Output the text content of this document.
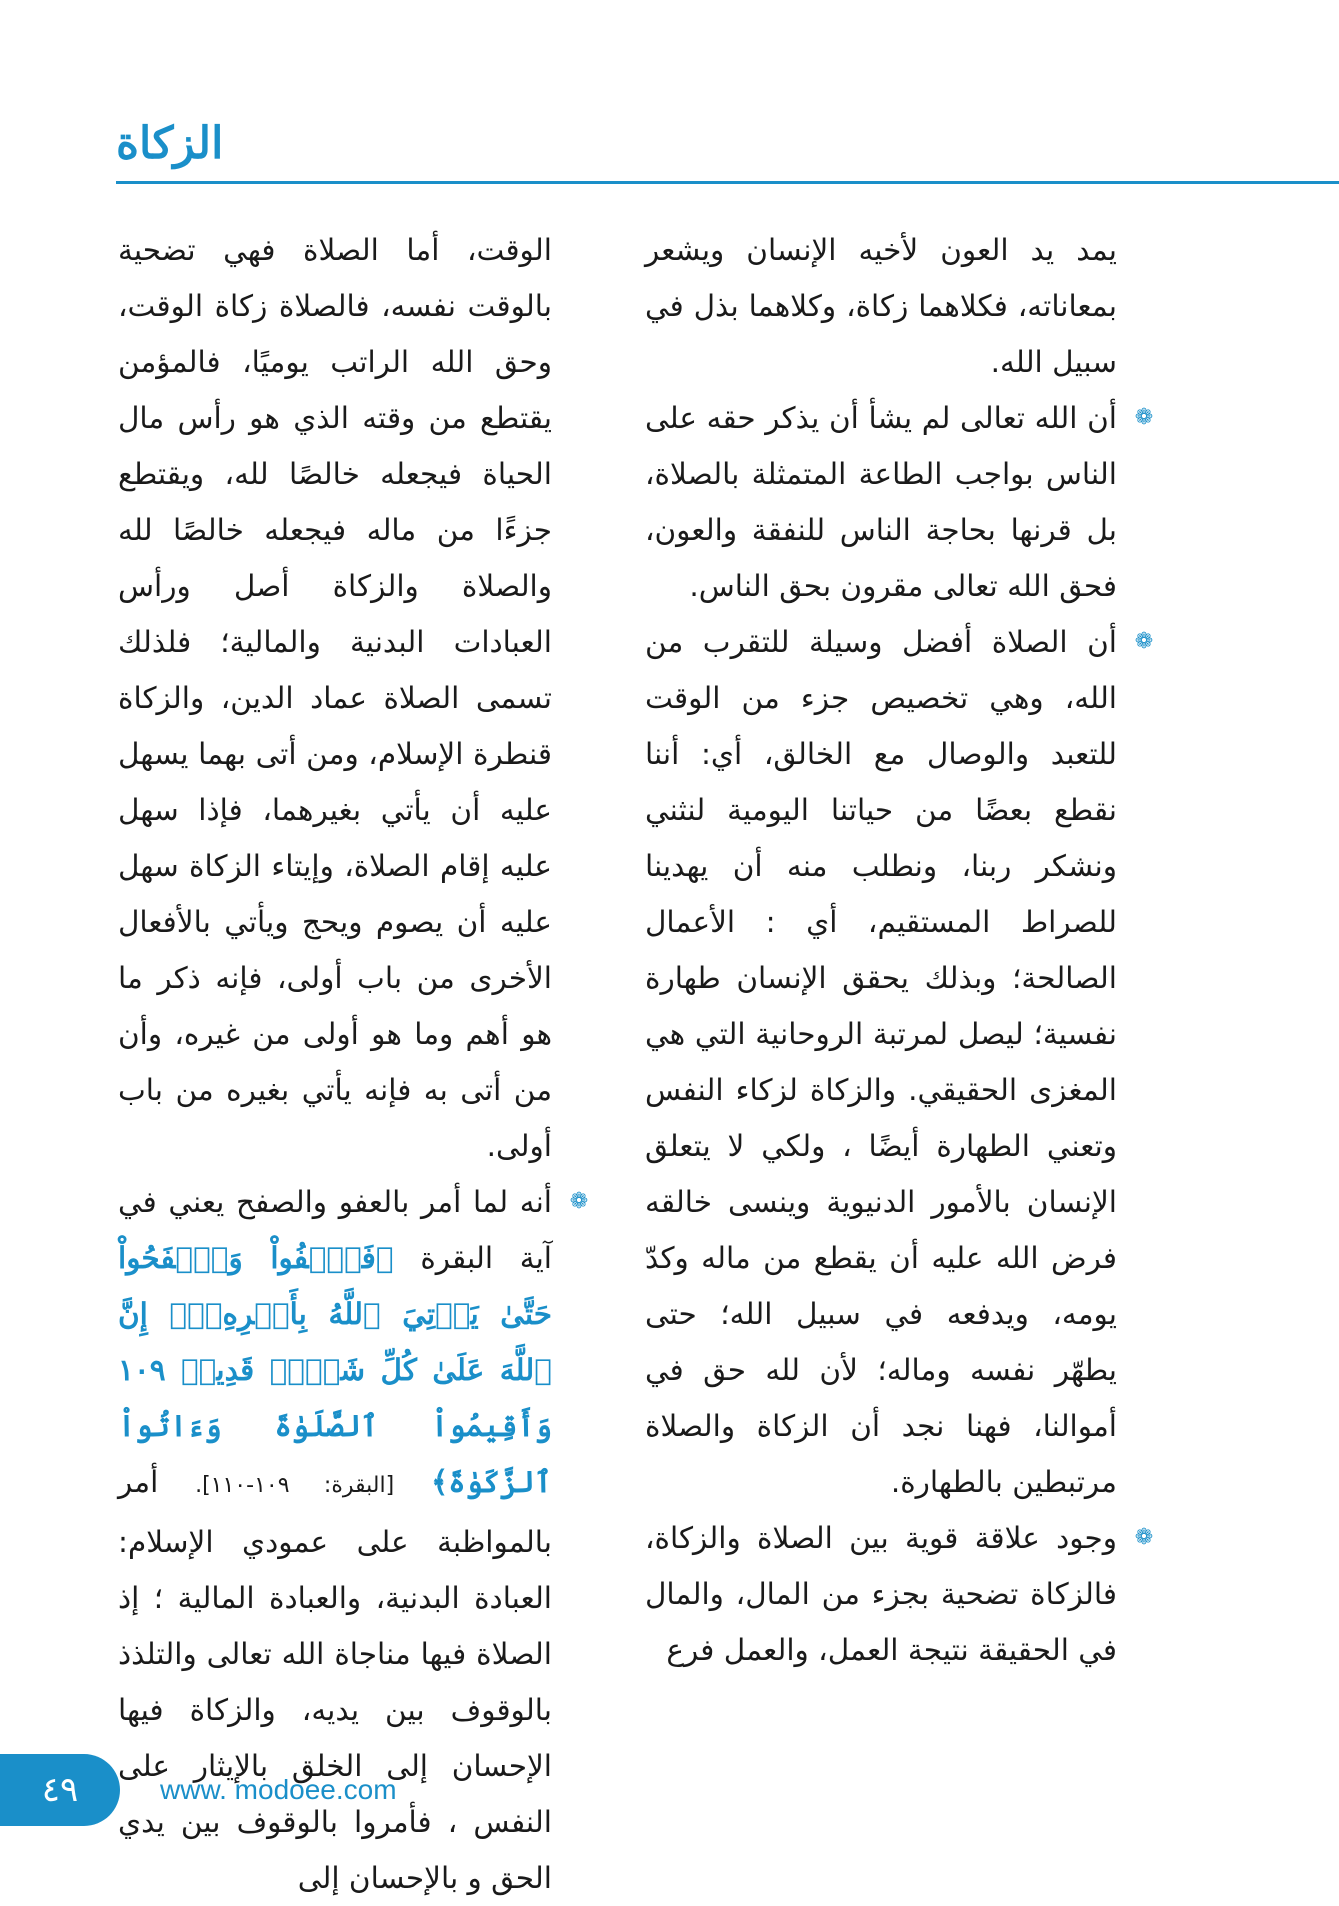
الزكاة

يمد يد العون لأخيه الإنسان ويشعر بمعاناته، فكلاهما زكاة، وكلاهما بذل في سبيل الله.

❁
أن الله تعالى لم يشأ أن يذكر حقه على الناس بواجب الطاعة المتمثلة بالصلاة، بل قرنها بحاجة الناس للنفقة والعون، فحق الله تعالى مقرون بحق الناس.

❁
أن الصلاة أفضل وسيلة للتقرب من الله، وهي تخصيص جزء من الوقت للتعبد والوصال مع الخالق، أي: أننا نقطع بعضًا من حياتنا اليومية لنثني ونشكر ربنا، ونطلب منه أن يهدينا للصراط المستقيم، أي : الأعمال الصالحة؛ وبذلك يحقق الإنسان طهارة نفسية؛ ليصل لمرتبة الروحانية التي هي المغزى الحقيقي. والزكاة لزكاء النفس وتعني الطهارة أيضًا ، ولكي لا يتعلق الإنسان بالأمور الدنيوية وينسى خالقه فرض الله عليه أن يقطع من ماله وكدّ يومه، ويدفعه في سبيل الله؛ حتى يطهّر نفسه وماله؛ لأن لله حق في أموالنا، فهنا نجد أن الزكاة والصلاة مرتبطين بالطهارة.

❁
وجود علاقة قوية بين الصلاة والزكاة، فالزكاة تضحية بجزء من المال، والمال في الحقيقة نتيجة العمل، والعمل فرع

الوقت، أما الصلاة فهي تضحية بالوقت نفسه، فالصلاة زكاة الوقت، وحق الله الراتب يوميًا، فالمؤمن يقتطع من وقته الذي هو رأس مال الحياة فيجعله خالصًا لله، ويقتطع جزءًا من ماله فيجعله خالصًا لله والصلاة والزكاة أصل ورأس العبادات البدنية والمالية؛ فلذلك تسمى الصلاة عماد الدين، والزكاة قنطرة الإسلام، ومن أتى بهما يسهل عليه أن يأتي بغيرهما، فإذا سهل عليه إقام الصلاة، وإيتاء الزكاة سهل عليه أن يصوم ويحج ويأتي بالأفعال الأخرى من باب أولى، فإنه ذكر ما هو أهم وما هو أولى من غيره، وأن من أتى به فإنه يأتي بغيره من باب أولى.

❁
أنه لما أمر بالعفو والصفح يعني في آية البقرة ﴿فَٱعۡفُواْ وَٱصۡفَحُواْ حَتَّىٰ يَأۡتِيَ ٱللَّهُ بِأَمۡرِهِۦٓۗ إِنَّ ٱللَّهَ عَلَىٰ كُلِّ شَيۡءٖ قَدِيرٞ ١٠٩ وَأَقِيمُواْ ٱلصَّلَوٰةَ وَءَاتُواْ ٱلزَّكَوٰةَ﴾ [البقرة: ١٠٩-١١٠]. أمر بالمواظبة على عمودي الإسلام: العبادة البدنية، والعبادة المالية ؛ إذ الصلاة فيها مناجاة الله تعالى والتلذذ بالوقوف بين يديه، والزكاة فيها الإحسان إلى الخلق بالإيثار على النفس ، فأمروا بالوقوف بين يدي الحق و بالإحسان إلى

٤٩	www. modoee.com
